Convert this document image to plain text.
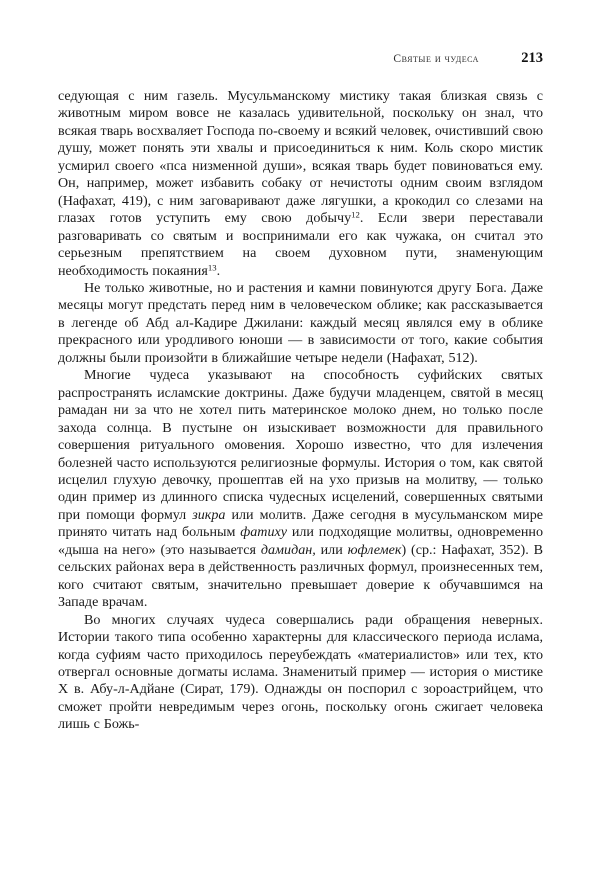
Святые и чудеса	213

седующая с ним газель. Мусульманскому мистику такая близкая связь с животным миром вовсе не казалась удивительной, поскольку он знал, что всякая тварь восхваляет Господа по-своему и всякий человек, очистивший свою душу, может понять эти хвалы и присоединиться к ним. Коль скоро мистик усмирил своего «пса низменной души», всякая тварь будет повиноваться ему. Он, например, может избавить собаку от нечистоты одним своим взглядом (Нафахат, 419), с ним заговаривают даже лягушки, а крокодил со слезами на глазах готов уступить ему свою добычу$^{12}$. Если звери переставали разговаривать со святым и воспринимали его как чужака, он считал это серьезным препятствием на своем духовном пути, знаменующим необходимость покаяния$^{13}$.

Не только животные, но и растения и камни повинуются другу Бога. Даже месяцы могут предстать перед ним в человеческом облике; как рассказывается в легенде об Абд ал-Кадире Джилани: каждый месяц являлся ему в облике прекрасного или уродливого юноши — в зависимости от того, какие события должны были произойти в ближайшие четыре недели (Нафахат, 512).

Многие чудеса указывают на способность суфийских святых распространять исламские доктрины. Даже будучи младенцем, святой в месяц рамадан ни за что не хотел пить материнское молоко днем, но только после захода солнца. В пустыне он изыскивает возможности для правильного совершения ритуального омовения. Хорошо известно, что для излечения болезней часто используются религиозные формулы. История о том, как святой исцелил глухую девочку, прошептав ей на ухо призыв на молитву, — только один пример из длинного списка чудесных исцелений, совершенных святыми при помощи формул зикра или молитв. Даже сегодня в мусульманском мире принято читать над больным фатиху или подходящие молитвы, одновременно «дыша на него» (это называется дамидан, или юфлемек) (ср.: Нафахат, 352). В сельских районах вера в действенность различных формул, произнесенных тем, кого считают святым, значительно превышает доверие к обучавшимся на Западе врачам.

Во многих случаях чудеса совершались ради обращения неверных. Истории такого типа особенно характерны для классического периода ислама, когда суфиям часто приходилось переубеждать «материалистов» или тех, кто отвергал основные догматы ислама. Знаменитый пример — история о мистике X в. Абу-л-Адйане (Сират, 179). Однажды он поспорил с зороастрийцем, что сможет пройти невредимым через огонь, поскольку огонь сжигает человека лишь с Божь-
